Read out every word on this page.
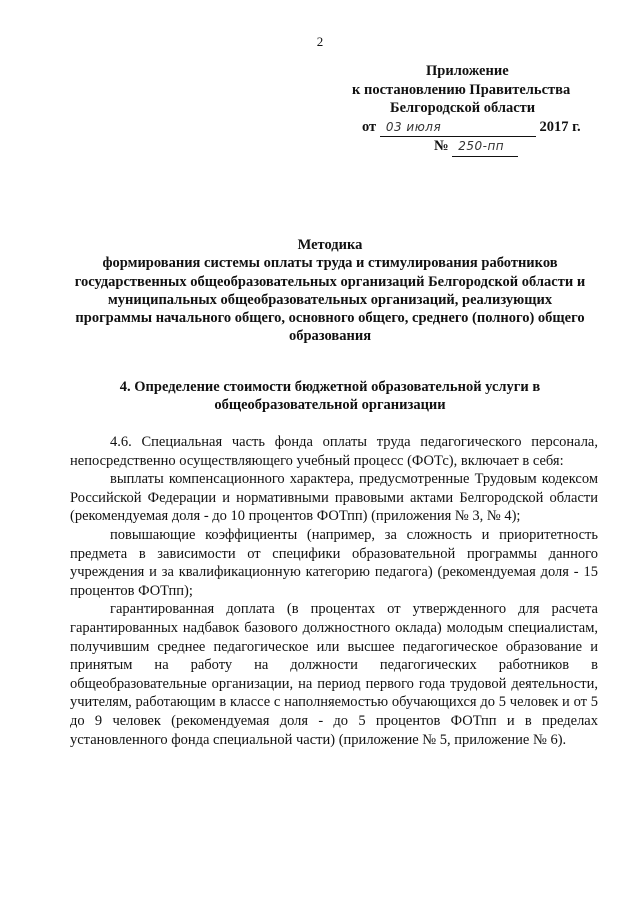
2
Приложение
к постановлению Правительства
Белгородской области
от 03 июля	2017 г.
№ 250-пп
Методика
формирования системы оплаты труда и стимулирования работников государственных общеобразовательных организаций Белгородской области и муниципальных общеобразовательных организаций, реализующих программы начального общего, основного общего, среднего (полного) общего образования
4. Определение стоимости бюджетной образовательной услуги в общеобразовательной организации

4.6. Специальная часть фонда оплаты труда педагогического персонала, непосредственно осуществляющего учебный процесс (ФОТс), включает в себя:

выплаты компенсационного характера, предусмотренные Трудовым кодексом Российской Федерации и нормативными правовыми актами Белгородской области (рекомендуемая доля - до 10 процентов ФОТпп) (приложения № 3, № 4);

повышающие коэффициенты (например, за сложность и приоритетность предмета в зависимости от специфики образовательной программы данного учреждения и за квалификационную категорию педагога) (рекомендуемая доля - 15 процентов ФОТпп);

гарантированная доплата (в процентах от утвержденного для расчета гарантированных надбавок базового должностного оклада) молодым специалистам, получившим среднее педагогическое или высшее педагогическое образование и принятым на работу на должности педагогических работников в общеобразовательные организации, на период первого года трудовой деятельности, учителям, работающим в классе с наполняемостью обучающихся до 5 человек и от 5 до 9 человек (рекомендуемая доля - до 5 процентов ФОТпп и в пределах установленного фонда специальной части) (приложение № 5, приложение № 6).
